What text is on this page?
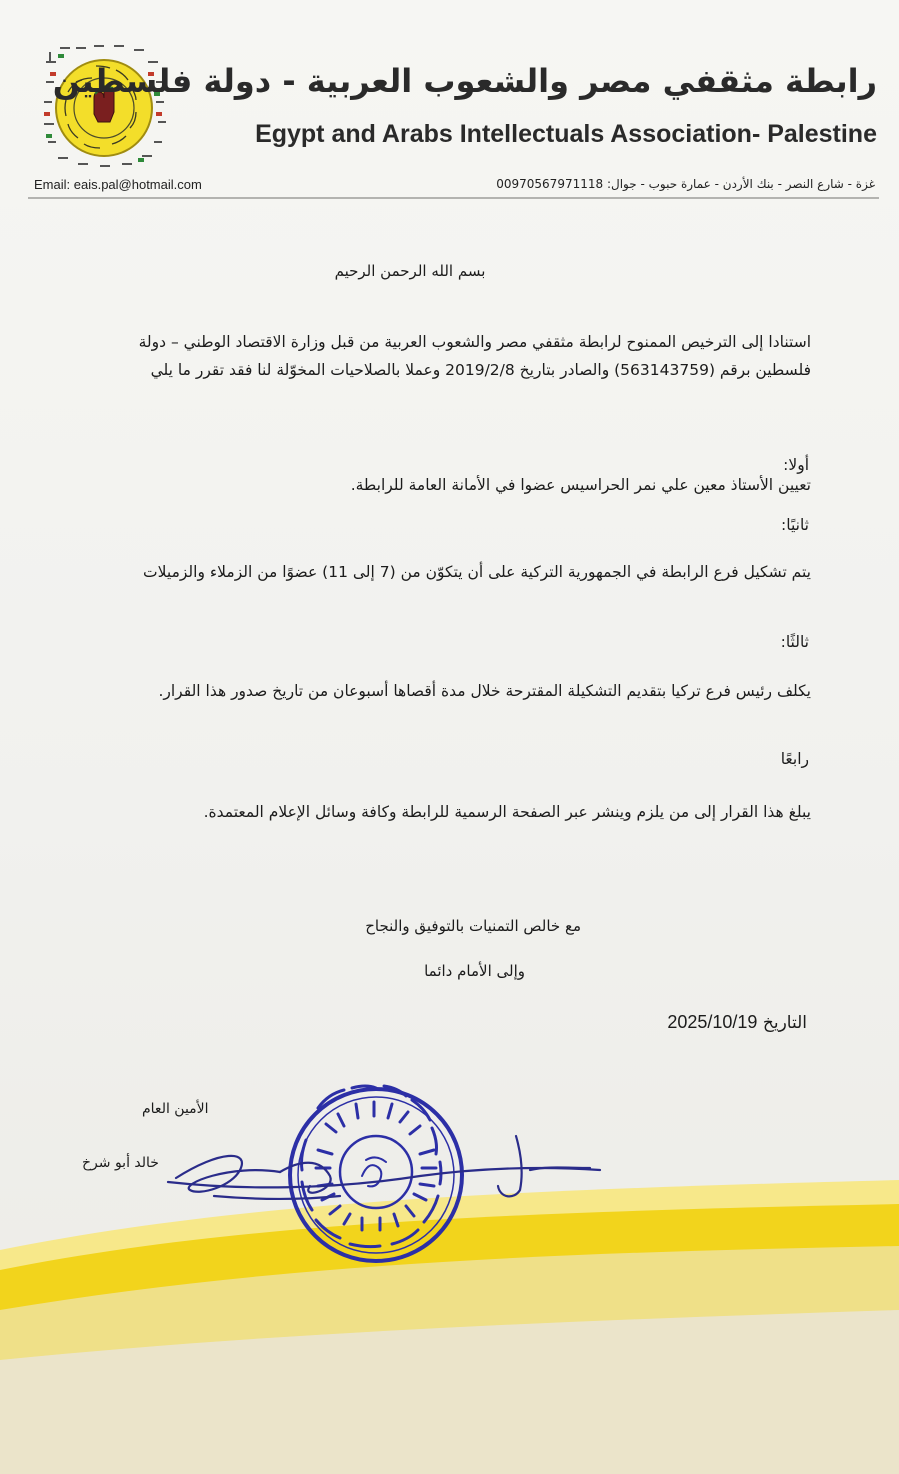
رابطة مثقفي مصر والشعوب العربية - دولة فلسطين
Egypt and Arabs Intellectuals Association- Palestine
Email: eais.pal@hotmail.com	غزة - شارع النصر - بنك الأردن - عمارة حبوب - جوال: 00970567971118
بسم الله الرحمن الرحيم
استنادا إلى الترخيص الممنوح لرابطة مثقفي مصر والشعوب العربية من قبل وزارة الاقتصاد الوطني – دولة فلسطين برقم (563143759) والصادر بتاريخ 2019/2/8 وعملا بالصلاحيات المخوّلة لنا فقد تقرر ما يلي
أولا:
تعيين الأستاذ معين علي نمر الحراسيس عضوا في الأمانة العامة للرابطة.
ثانيًا:
يتم تشكيل فرع الرابطة في الجمهورية التركية على أن يتكوّن من (7 إلى 11) عضوًا من الزملاء والزميلات
ثالثًا:
يكلف رئيس فرع تركيا بتقديم التشكيلة المقترحة خلال مدة أقصاها أسبوعان من تاريخ صدور هذا القرار.
رابعًا
يبلغ هذا القرار إلى من يلزم وينشر عبر الصفحة الرسمية للرابطة وكافة وسائل الإعلام المعتمدة.
مع خالص التمنيات بالتوفيق والنجاح
وإلى الأمام دائما
التاريخ 2025/10/19
الأمين العام
خالد أبو شرخ
